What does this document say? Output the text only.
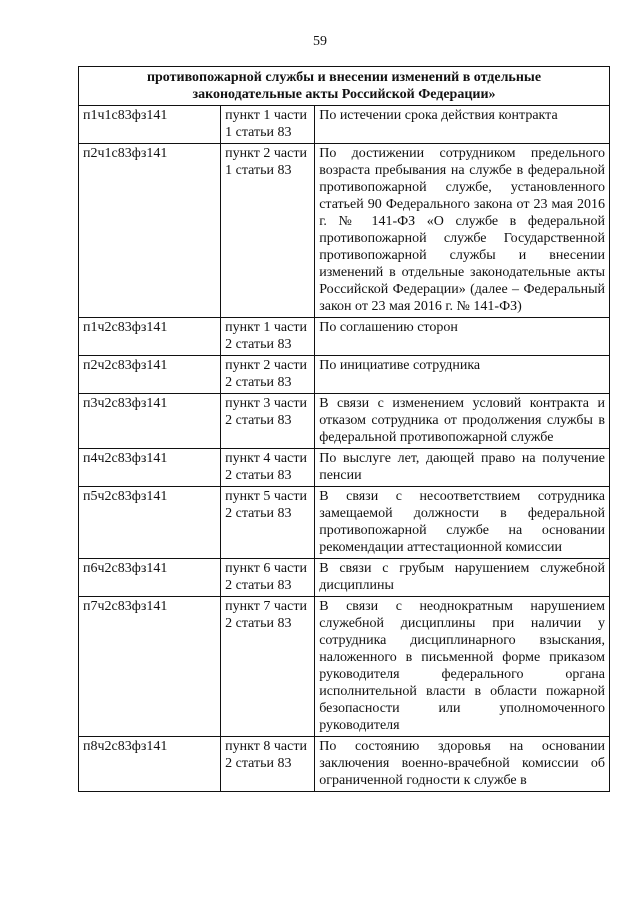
59
противопожарной службы и внесении изменений в отдельные
законодательные акты Российской Федерации»		

п1ч1с83фз141	пункт 1 части 1 статьи 83	По истечении срока действия контракта
п2ч1с83фз141	пункт 2 части 1 статьи 83	По достижении сотрудником предельного возраста пребывания на службе в федеральной противопожарной службе, установленного статьей 90 Федерального закона от 23 мая 2016 г. № 141-ФЗ «О службе в федеральной противопожарной службе Государственной противопожарной службы и внесении изменений в отдельные законодательные акты Российской Федерации» (далее – Федеральный закон от 23 мая 2016 г. № 141-ФЗ)
п1ч2с83фз141	пункт 1 части 2 статьи 83	По соглашению сторон
п2ч2с83фз141	пункт 2 части 2 статьи 83	По инициативе сотрудника
п3ч2с83фз141	пункт 3 части 2 статьи 83	В связи с изменением условий контракта и отказом сотрудника от продолжения службы в федеральной противопожарной службе
п4ч2с83фз141	пункт 4 части 2 статьи 83	По выслуге лет, дающей право на получение пенсии
п5ч2с83фз141	пункт 5 части 2 статьи 83	В связи с несоответствием сотрудника замещаемой должности в федеральной противопожарной службе на основании рекомендации аттестационной комиссии
п6ч2с83фз141	пункт 6 части 2 статьи 83	В связи с грубым нарушением служебной дисциплины
п7ч2с83фз141	пункт 7 части 2 статьи 83	В связи с неоднократным нарушением служебной дисциплины при наличии у сотрудника дисциплинарного взыскания, наложенного в письменной форме приказом руководителя федерального органа исполнительной власти в области пожарной безопасности или уполномоченного руководителя
п8ч2с83фз141	пункт 8 части 2 статьи 83	По состоянию здоровья на основании заключения военно-врачебной комиссии об ограниченной годности к службе в
